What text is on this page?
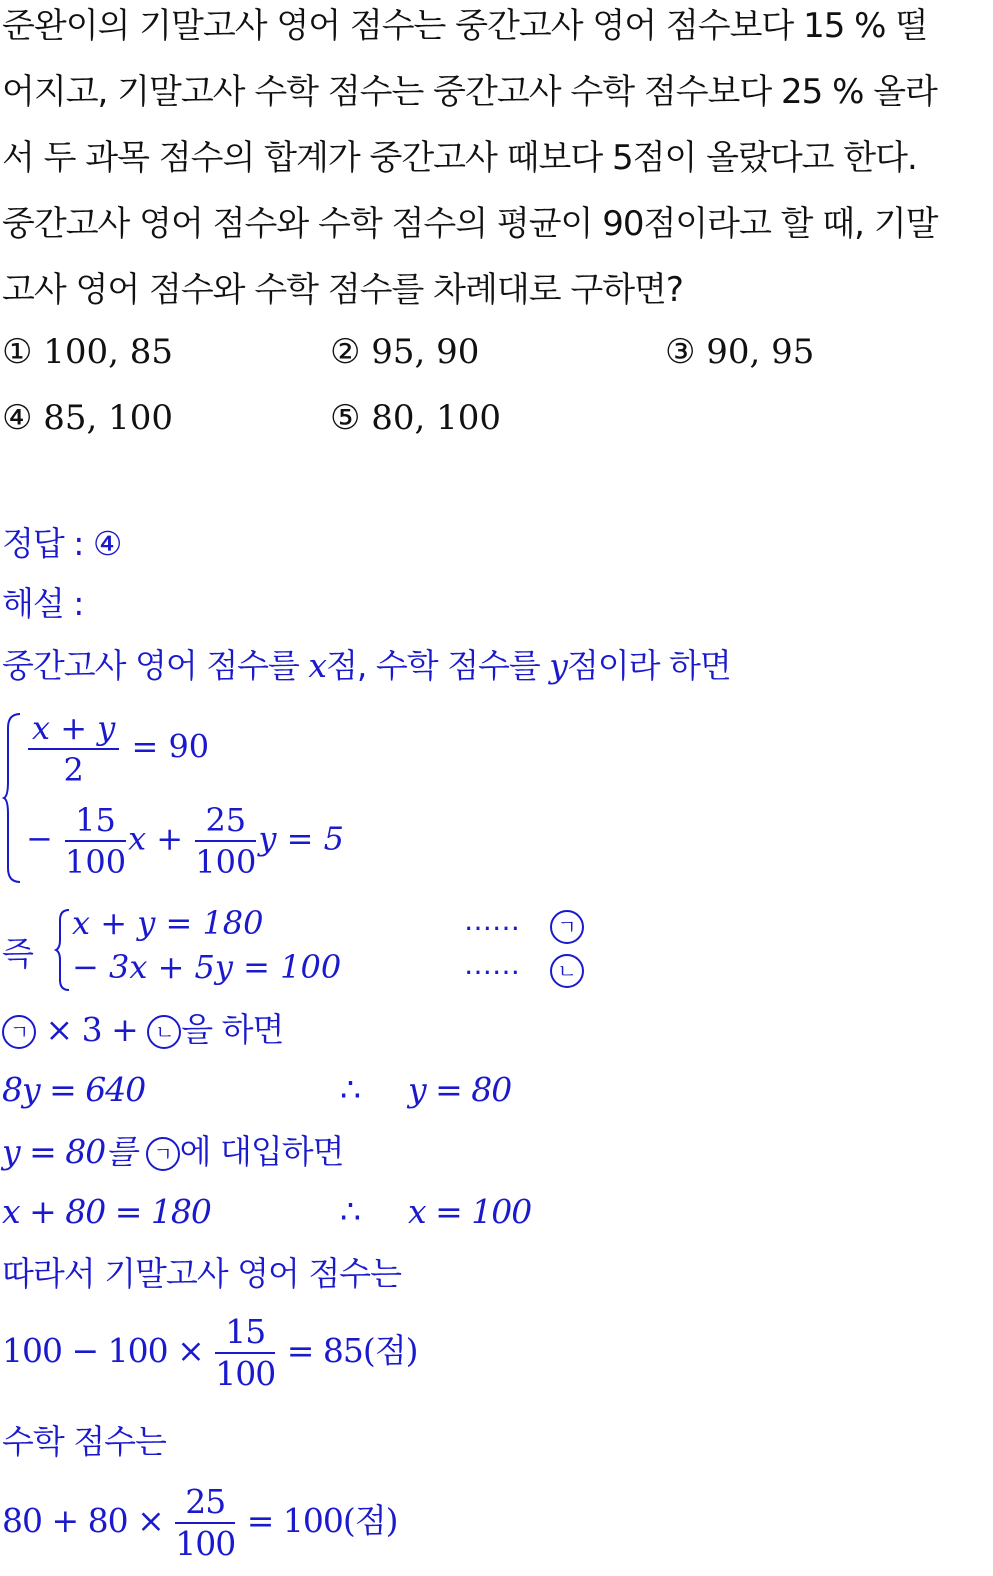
준완이의 기말고사 영어 점수는 중간고사 영어 점수보다 15 % 떨
어지고, 기말고사 수학 점수는 중간고사 수학 점수보다 25 % 올라
서 두 과목 점수의 합계가 중간고사 때보다 5점이 올랐다고 한다.
중간고사 영어 점수와 수학 점수의 평균이 90점이라고 할 때, 기말
고사 영어 점수와 수학 점수를 차례대로 구하면?
① 100, 85	② 95, 90	③ 90, 95
④ 85, 100	⑤ 80, 100
정답 : ④
해설 :
중간고사 영어 점수를 x점, 수학 점수를 y점이라 하면
$\frac{x + y}{2} = 90$
− $\frac{15}{100}$ $x + \frac{25}{100}$ y = 5
즉
x + y = 180
− 3x + 5y = 100
……
……
ㄱ
ㄴ
ㄱ × 3 + ㄴ 을 하면
8y = 640	∴ y = 80
y = 80를 ㄱ 에 대입하면
x + 80 = 180	∴ x = 100
따라서 기말고사 영어 점수는
$100 - 100 \times \frac{15}{100} = 85$(점)
수학 점수는
$80 + 80 \times \frac{25}{100} = 100$(점)
